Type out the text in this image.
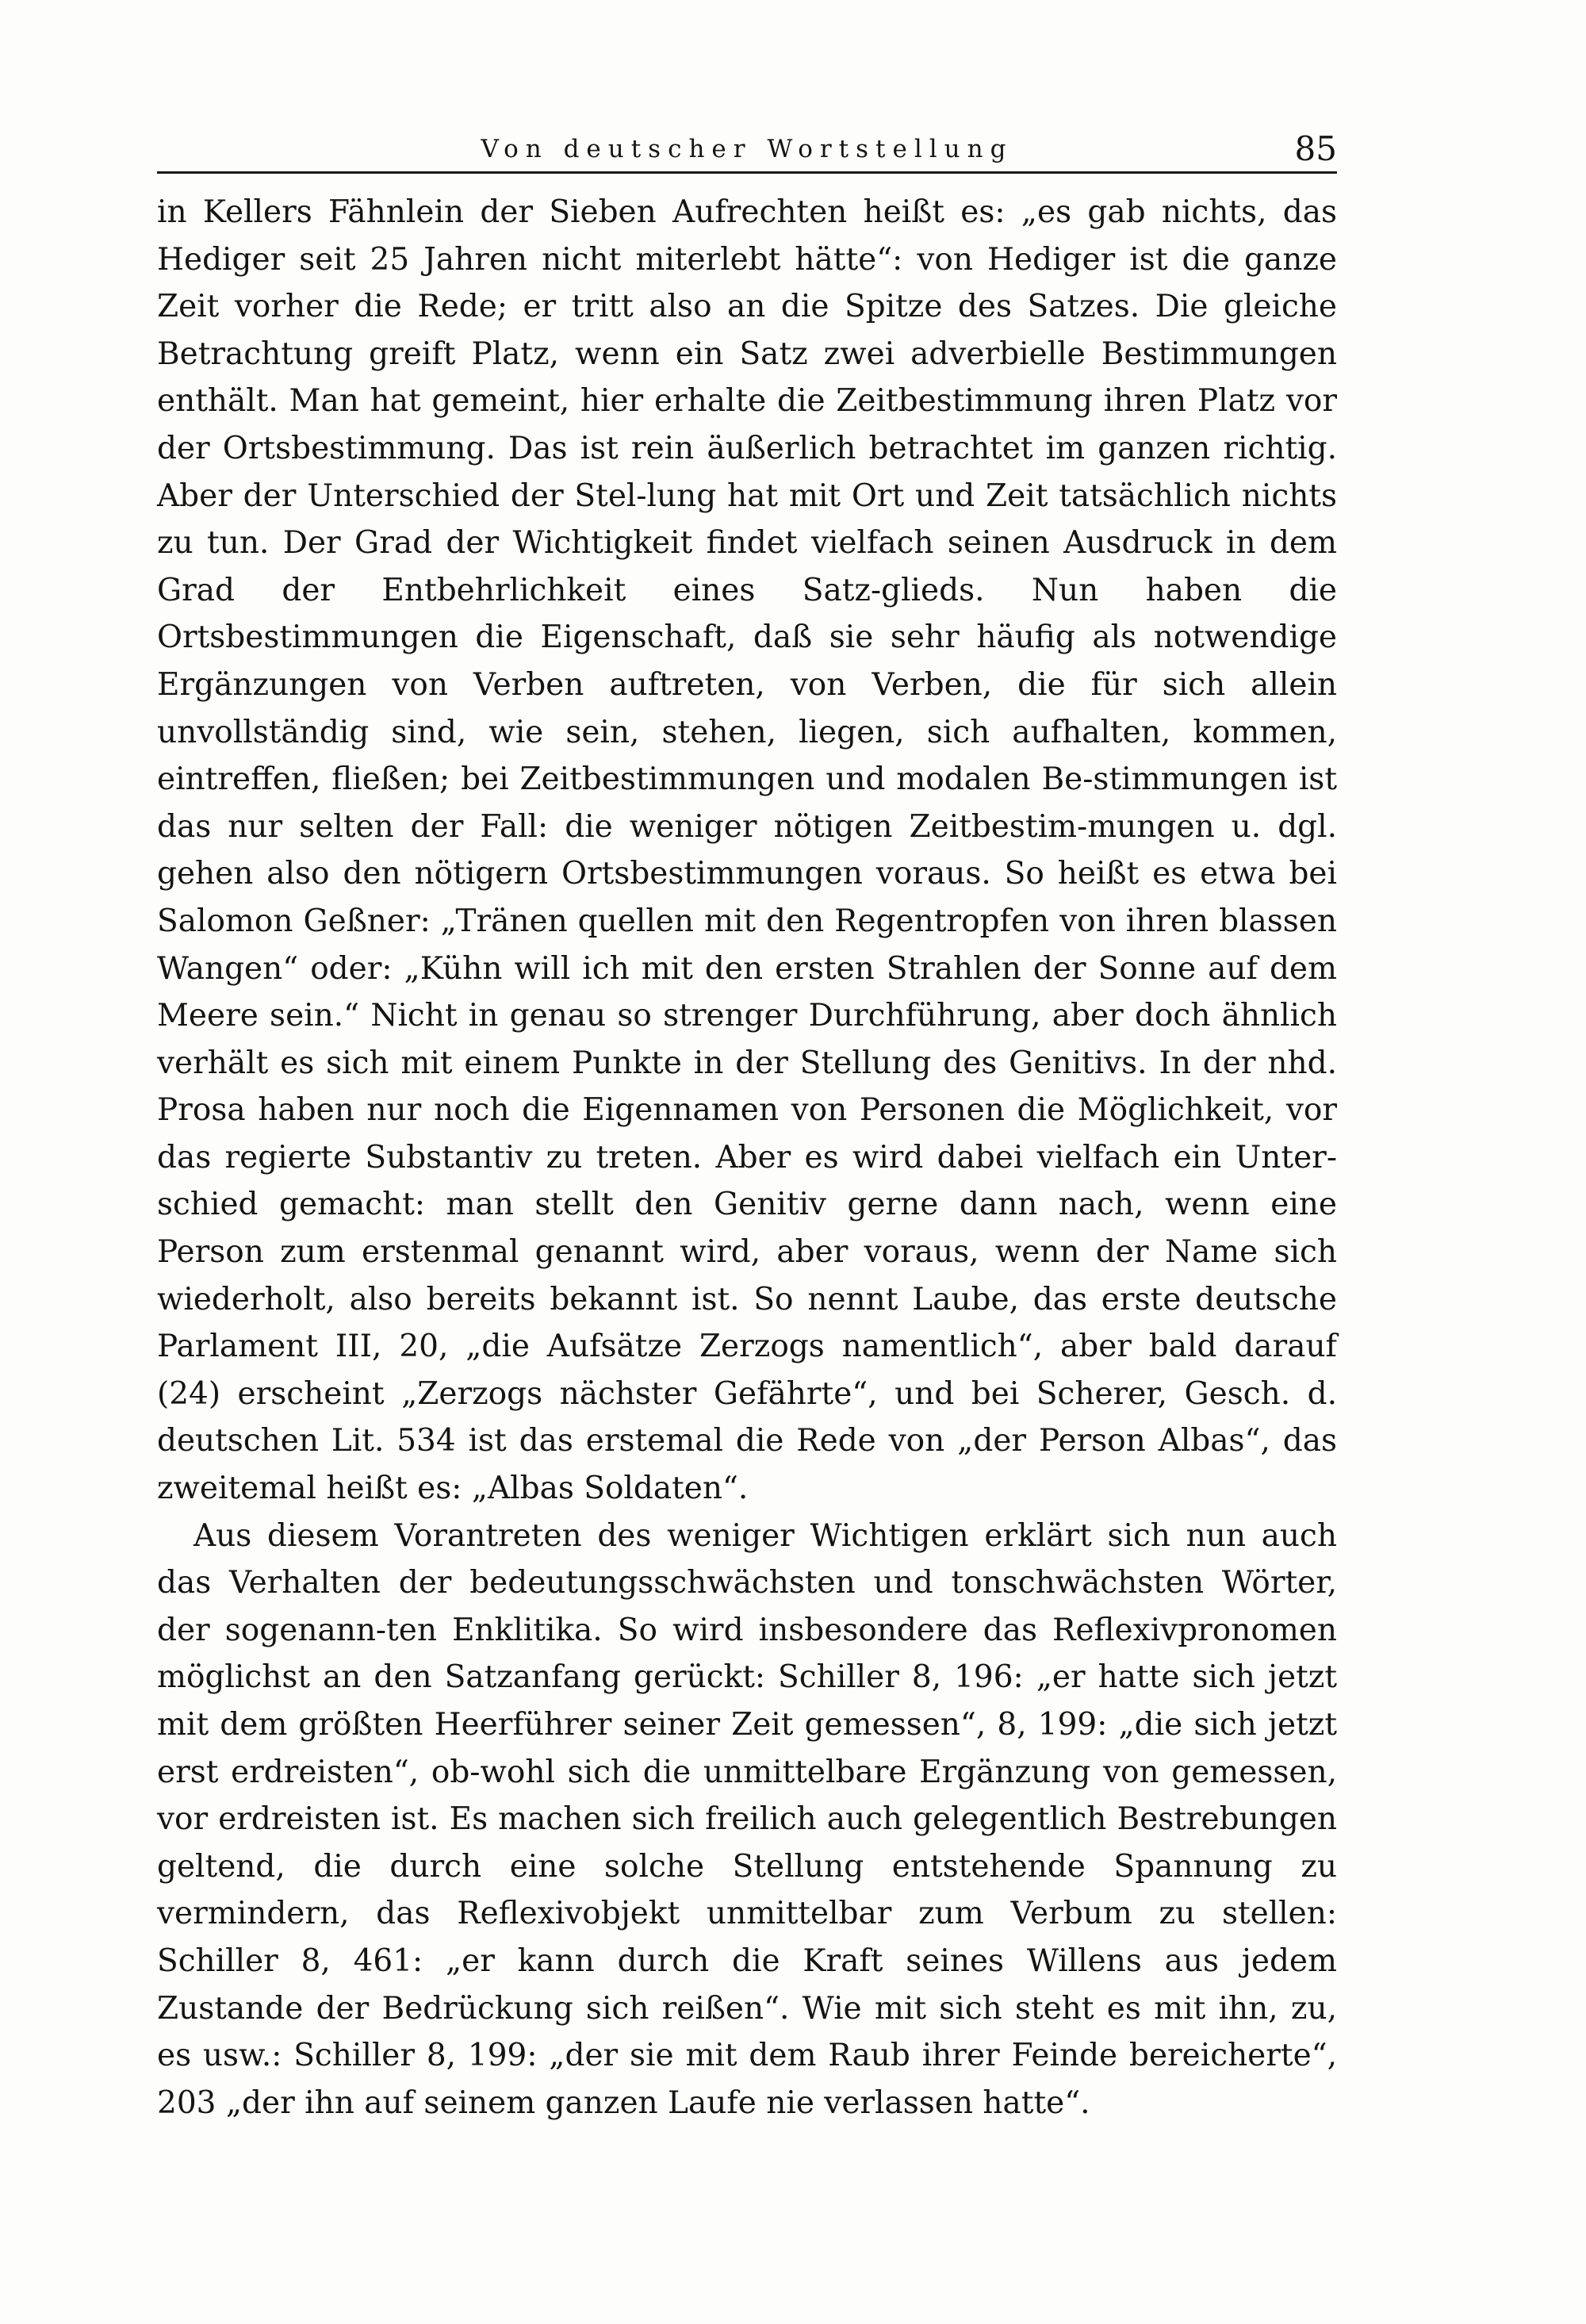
Von deutscher Wortstellung	85

in Kellers Fähnlein der Sieben Aufrechten heißt es: „es gab nichts, das Hediger seit 25 Jahren nicht miterlebt hätte“: von Hediger ist die ganze Zeit vorher die Rede; er tritt also an die Spitze des Satzes. Die gleiche Betrachtung greift Platz, wenn ein Satz zwei adverbielle Bestimmungen enthält. Man hat gemeint, hier erhalte die Zeitbestimmung ihren Platz vor der Ortsbestimmung. Das ist rein äußerlich betrachtet im ganzen richtig. Aber der Unterschied der Stel-lung hat mit Ort und Zeit tatsächlich nichts zu tun. Der Grad der Wichtigkeit findet vielfach seinen Ausdruck in dem Grad der Entbehrlichkeit eines Satz-glieds. Nun haben die Ortsbestimmungen die Eigenschaft, daß sie sehr häufig als notwendige Ergänzungen von Verben auftreten, von Verben, die für sich allein unvollständig sind, wie sein, stehen, liegen, sich aufhalten, kommen, eintreffen, fließen; bei Zeitbestimmungen und modalen Be-stimmungen ist das nur selten der Fall: die weniger nötigen Zeitbestim-mungen u. dgl. gehen also den nötigern Ortsbestimmungen voraus. So heißt es etwa bei Salomon Geßner: „Tränen quellen mit den Regentropfen von ihren blassen Wangen“ oder: „Kühn will ich mit den ersten Strahlen der Sonne auf dem Meere sein.“ Nicht in genau so strenger Durchführung, aber doch ähnlich verhält es sich mit einem Punkte in der Stellung des Genitivs. In der nhd. Prosa haben nur noch die Eigennamen von Personen die Möglichkeit, vor das regierte Substantiv zu treten. Aber es wird dabei vielfach ein Unter-schied gemacht: man stellt den Genitiv gerne dann nach, wenn eine Person zum erstenmal genannt wird, aber voraus, wenn der Name sich wiederholt, also bereits bekannt ist. So nennt Laube, das erste deutsche Parlament III, 20, „die Aufsätze Zerzogs namentlich“, aber bald darauf (24) erscheint „Zerzogs nächster Gefährte“, und bei Scherer, Gesch. d. deutschen Lit. 534 ist das erstemal die Rede von „der Person Albas“, das zweitemal heißt es: „Albas Soldaten“.

Aus diesem Vorantreten des weniger Wichtigen erklärt sich nun auch das Verhalten der bedeutungsschwächsten und tonschwächsten Wörter, der sogenann-ten Enklitika. So wird insbesondere das Reflexivpronomen möglichst an den Satzanfang gerückt: Schiller 8, 196: „er hatte sich jetzt mit dem größten Heerführer seiner Zeit gemessen“, 8, 199: „die sich jetzt erst erdreisten“, ob-wohl sich die unmittelbare Ergänzung von gemessen, vor erdreisten ist. Es machen sich freilich auch gelegentlich Bestrebungen geltend, die durch eine solche Stellung entstehende Spannung zu vermindern, das Reflexivobjekt unmittelbar zum Verbum zu stellen: Schiller 8, 461: „er kann durch die Kraft seines Willens aus jedem Zustande der Bedrückung sich reißen“. Wie mit sich steht es mit ihn, zu, es usw.: Schiller 8, 199: „der sie mit dem Raub ihrer Feinde bereicherte“, 203 „der ihn auf seinem ganzen Laufe nie verlassen hatte“.
